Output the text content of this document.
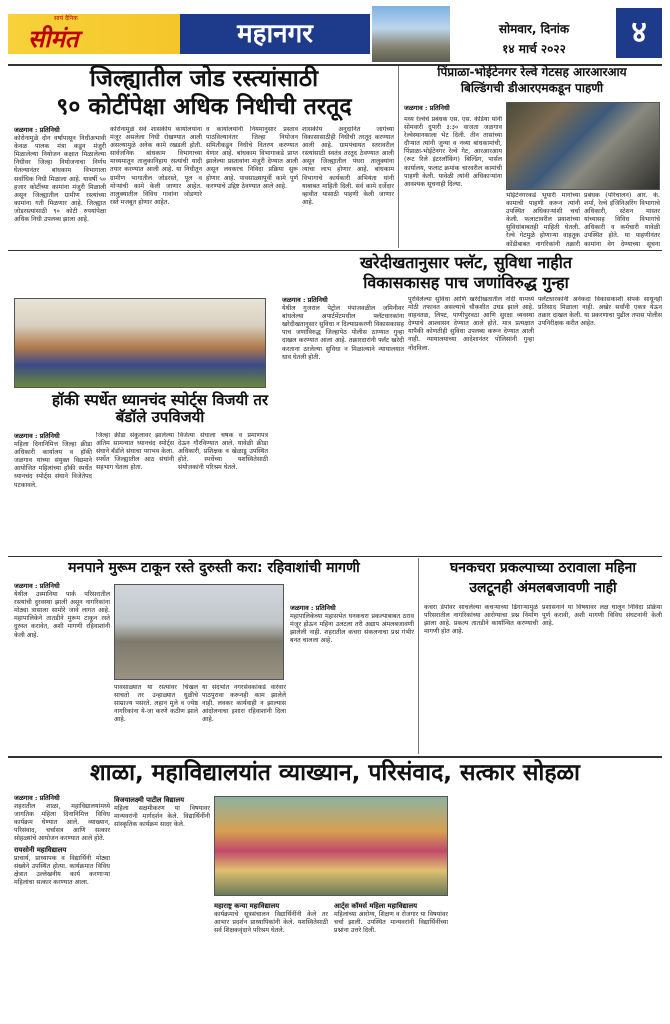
सायं दैनिक
सीमंत	महानगर	सोमवार, दिनांक
१४ मार्च २०२२	४
जिल्ह्यातील जोड रस्त्यांसाठी
९० कोटींपेक्षा अधिक निधीची तरतूद
जळगाव : प्रतिनिधी
कोरोनामुळे दोन वर्षांपासून निधीअभावी केवळ पालक मंत्रा कडून मंजुरी मिळालेल्या नियोजन कक्षात मिळालेल्या निधीवर जिल्हा नियोजनाचा निर्णय घेतल्यानंतर बांधकाम विभागाला सर्वाधिक निधी मिळाला आहे. यावर्षी ५० हजार कोटींच्या कामांना मंजुरी मिळाली असून जिल्ह्यातील ग्रामीण रस्त्यांच्या कामांना गती मिळणार आहे. जिल्ह्यात जोडरस्त्यांसाठी ९० कोटी रुपयांपेक्षा अधिक निधी उपलब्ध झाला आहे.
कोरोनामुळे सर्व शासकीय कार्यालयांना मंजूर असलेला निधी रोखण्यात आली असल्यामुळे अनेक कामे रखडली होती. सार्वजनिक बांधकाम विभागाच्या माध्यमातून तालुकानिहाय रस्त्यांची यादी तयार करण्यात आली आहे. या निधीतून ग्रामीण भागातील जोडरस्ते, पूल व मोऱ्यांची कामे केली जाणार आहेत. तालुक्यातील विविध गावांना जोडणारे रस्ते मजबूत होणार आहेत.
व कार्यालयांनी नियमानुसार प्रस्ताव पाठविल्यानंतर जिल्हा नियोजन समितीकडून निधीचे वितरण करण्यात येणार आहे. बांधकाम विभागाकडे प्राप्त झालेल्या प्रस्तावांना मंजुरी देण्यात आली असून लवकरच निविदा प्रक्रिया सुरू होणार आहे. पावसाळ्यापूर्वी कामे पूर्ण करण्याचे उद्दिष्ट ठेवण्यात आले आहे.
शासकीय अनुदानित जागेच्या विकासासाठीही निधीची तरतूद करण्यात आली आहे. ग्रामपंचायत स्तरावरील रस्त्यांसाठी स्वतंत्र तरतूद ठेवण्यात आली असून जिल्ह्यातील पंधरा तालुक्यांना त्याचा लाभ होणार आहे. बांधकाम विभागाचे कार्यकारी अभियंता यांनी याबाबत माहिती दिली. सर्व कामे दर्जेदार व्हावीत यासाठी पाहणी केली जाणार आहे.
पिंप्राळा-भोईटेनगर रेल्वे गेटसह आरआरआय
बिल्डिंगची डीआरएमकडून पाहणी
जळगाव : प्रतिनिधी
मध्य रेल्वेचे प्रबंधक एस. एस. केडिया यांनी सोमवारी दुपारी ३:३० वाजता जळगाव रेल्वेस्थानकाला भेट दिली. तीन तासांच्या दौऱ्यात त्यांनी जुन्या व नव्या बांधकामांची, पिंप्राळा-भोईटेनगर रेल्वे गेट, आरआरआय (रूट रिले इंटरलॉकिंग) बिल्डिंग, पार्सल कार्यालय, फलाट क्रमांक चारवरील कामांची पाहणी केली. यावेळी त्यांनी अधिकाऱ्यांना आवश्यक सूचनाही दिल्या.
भोईटेनगरकडे भूयारी मार्गाच्या कामाची पाहणी करून त्यांनी उपस्थित अधिकाऱ्यांशी चर्चा केली. फलाटावरील प्रवाशांच्या सुविधांबाबतही माहिती घेतली. रेल्वे गेटमुळे होणाऱ्या वाहतूक कोंडीबाबत नागरिकांनी तक्रारी
प्रबंधक (परिचालन) आर. के. शर्मा, रेल्वे इंजिनिअरिंग विभागाचे अधिकारी, स्टेशन मास्तर यांच्यासह विविध विभागांचे अधिकारी व कर्मचारी यावेळी उपस्थित होते. या पाहणीनंतर कामांना वेग देण्याच्या सूचना
खरेदीखतानुसार फ्लॅट, सुविधा नाहीत
विकासकासह पाच जणांविरुद्ध गुन्हा
जळगाव : प्रतिनिधी
येथील गुजराल पेट्रोल पंपाजवळील जमिनीवर बांधलेल्या अपार्टमेंटमधील फ्लॅटधारकांना खरेदीखतानुसार सुविधा न दिल्याप्रकरणी विकासकासह पाच जणांविरुद्ध जिल्हापेठ पोलीस ठाण्यात गुन्हा दाखल करण्यात आला आहे. तक्रारदारांनी फ्लॅट खरेदी करताना ठरलेल्या सुविधा न मिळाल्याने न्यायालयात धाव घेतली होती.
पुरविलेल्या सुविधा आणि खरेदीखतातील नोंदी यामध्ये मोठी तफावत असल्याचे चौकशीत उघड झाले आहे. वाहनतळ, लिफ्ट, पाणीपुरवठा आणि सुरक्षा व्यवस्था देण्याचे आश्वासन देण्यात आले होते. मात्र प्रत्यक्षात यापैकी कोणतीही सुविधा उपलब्ध करून देण्यात आली नाही. न्यायालयाच्या आदेशानंतर पोलिसांनी गुन्हा नोंदविला.
फ्लॅटधारकांनी अनेकदा विकासकाशी संपर्क साधूनही प्रतिसाद मिळाला नाही. अखेर सर्वांनी एकत्र येऊन तक्रार दाखल केली. या प्रकरणाचा पुढील तपास पोलीस उपनिरीक्षक करीत आहेत.
हॉकी स्पर्धेत ध्यानचंद स्पोर्ट्स विजयी तर बॅडॉले उपविजयी
जळगाव : प्रतिनिधी
महिला दिनानिमित्त जिल्हा क्रीडा अधिकारी कार्यालय व हॉकी जळगाव यांच्या संयुक्त विद्यमाने आयोजित महिलांच्या हॉकी स्पर्धेत ध्यानचंद स्पोर्ट्स संघाने विजेतेपद पटकावले.
जिल्हा क्रीडा संकुलावर झालेल्या अंतिम सामन्यात ध्यानचंद स्पोर्ट्स संघाने बॅडॉले संघाचा पराभव केला. स्पर्धेत जिल्ह्यातील आठ संघांनी सहभाग घेतला होता.
विजेत्या संघाला चषक व प्रमाणपत्र देऊन गौरविण्यात आले. यावेळी क्रीडा अधिकारी, प्रशिक्षक व खेळाडू उपस्थित होते. स्पर्धेच्या यशस्वितेसाठी संयोजकांनी परिश्रम घेतले.
मनपाने मुरूम टाकून रस्ते दुरुस्ती करा: रहिवाशांची मागणी
जळगाव : प्रतिनिधी
येथील उस्मानिया पार्क परिसरातील रस्त्यांची दुरवस्था झाली असून नागरिकांना मोठ्या त्रासाला सामोरे जावे लागत आहे. महापालिकेने तातडीने मुरूम टाकून रस्ते दुरुस्त करावेत, अशी मागणी रहिवाशांनी केली आहे.
पावसाळ्यात या रस्त्यांवर चिखल साचतो तर उन्हाळ्यात धुळीचे साम्राज्य पसरते. लहान मुले व ज्येष्ठ नागरिकांना ये-जा करणे कठीण झाले आहे.
या संदर्भात नगरसेवकांकडे वारंवार पाठपुरावा करूनही काम झालेले नाही. लवकर कार्यवाही न झाल्यास आंदोलनाचा इशारा रहिवाशांनी दिला आहे.
घनकचरा प्रकल्पाच्या ठरावाला महिना
उलटूनही अंमलबजावणी नाही
जळगाव : प्रतिनिधी
महापालिकेच्या महासभेत घनकचरा प्रकल्पाबाबत ठराव मंजूर होऊन महिना उलटला तरी अद्याप अंमलबजावणी झालेली नाही. शहरातील कचरा संकलनाचा प्रश्न गंभीर बनत चालला आहे.
कचरा डेपोवर साचलेल्या कचऱ्याच्या ढिगाऱ्यामुळे परिसरातील नागरिकांच्या आरोग्याचा प्रश्न निर्माण झाला आहे. प्रकल्प तातडीने कार्यान्वित करण्याची मागणी होत आहे.
प्रशासनाने या विषयावर लक्ष घालून निविदा प्रक्रिया पूर्ण करावी, अशी मागणी विविध संघटनांनी केली आहे.
शाळा, महाविद्यालयांत व्याख्यान, परिसंवाद, सत्कार सोहळा
जळगाव : प्रतिनिधी
शहरातील शाळा, महाविद्यालयांमध्ये जागतिक महिला दिनानिमित्त विविध कार्यक्रम घेण्यात आले. व्याख्यान, परिसंवाद, चर्चासत्र आणि सत्कार सोहळ्यांचे आयोजन करण्यात आले होते.
रायसोनी महाविद्यालय
प्राचार्य, प्राध्यापक व विद्यार्थिनी मोठ्या संख्येने उपस्थित होत्या. कार्यक्रमात विविध क्षेत्रात उल्लेखनीय कार्य करणाऱ्या महिलांचा सत्कार करण्यात आला.
विजयालक्ष्मी पाटील विद्यालय
महिला सक्षमीकरण या विषयावर मान्यवरांनी मार्गदर्शन केले. विद्यार्थिनींनी सांस्कृतिक कार्यक्रम सादर केले.
महाराष्ट्र कन्या महाविद्यालय
कार्यक्रमाचे सूत्रसंचालन विद्यार्थिनींनी केले तर आभार प्रदर्शन प्राध्यापिकांनी केले. यशस्वितेसाठी सर्व शिक्षकवृंदाने परिश्रम घेतले.
आर्ट्स कॉमर्स महिला महाविद्यालय
महिलांच्या आरोग्य, शिक्षण व रोजगार या विषयांवर चर्चा झाली. उपस्थित मान्यवरांनी विद्यार्थिनींच्या प्रश्नांना उत्तरे दिली.
